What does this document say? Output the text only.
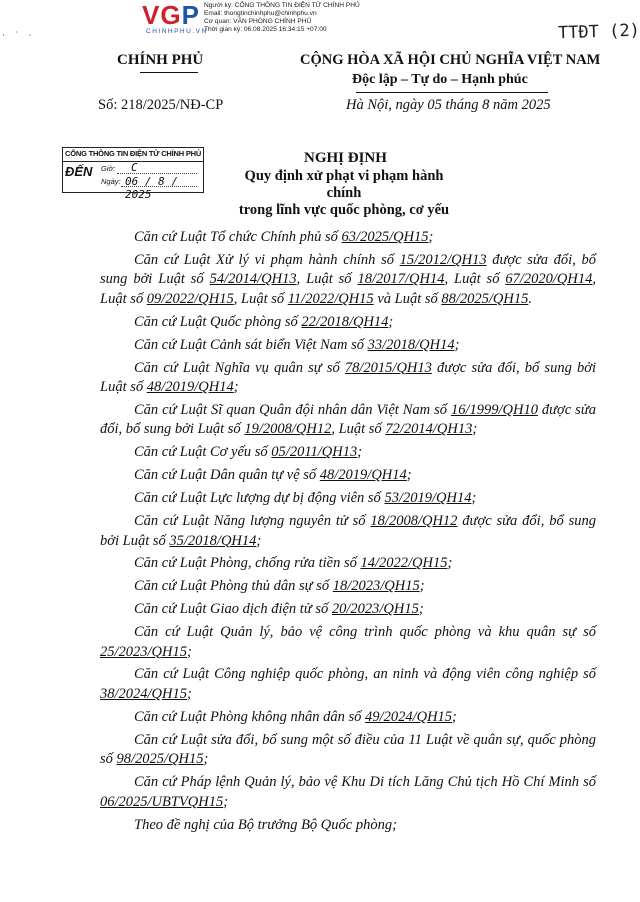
VGP
CHINHPHU.VN
Người ký: CỔNG THÔNG TIN ĐIỆN TỬ CHÍNH PHỦ
Email: thongtinchinhphu@chinhphu.vn
Cơ quan: VĂN PHÒNG CHÍNH PHỦ
Thời gian ký: 06.08.2025 16:34:15 +07:00
· ˙ ·	TTĐT (2)
CHÍNH PHỦ	CỘNG HÒA XÃ HỘI CHỦ NGHĨA VIỆT NAM
Độc lập – Tự do – Hạnh phúc
Số: 218/2025/NĐ-CP	Hà Nội, ngày 05 tháng 8 năm 2025
CỔNG THÔNG TIN ĐIỆN TỬ CHÍNH PHỦ
ĐẾN Giờ: C
Ngày: 06 / 8 / 2025
NGHỊ ĐỊNH
Quy định xử phạt vi phạm hành chính
trong lĩnh vực quốc phòng, cơ yếu

Căn cứ Luật Tổ chức Chính phủ số 63/2025/QH15;

Căn cứ Luật Xử lý vi phạm hành chính số 15/2012/QH13 được sửa đổi, bổ sung bởi Luật số 54/2014/QH13, Luật số 18/2017/QH14, Luật số 67/2020/QH14, Luật số 09/2022/QH15, Luật số 11/2022/QH15 và Luật số 88/2025/QH15.

Căn cứ Luật Quốc phòng số 22/2018/QH14;

Căn cứ Luật Cảnh sát biển Việt Nam số 33/2018/QH14;

Căn cứ Luật Nghĩa vụ quân sự số 78/2015/QH13 được sửa đổi, bổ sung bởi Luật số 48/2019/QH14;

Căn cứ Luật Sĩ quan Quân đội nhân dân Việt Nam số 16/1999/QH10 được sửa đổi, bổ sung bởi Luật số 19/2008/QH12, Luật số 72/2014/QH13;

Căn cứ Luật Cơ yếu số 05/2011/QH13;

Căn cứ Luật Dân quân tự vệ số 48/2019/QH14;

Căn cứ Luật Lực lượng dự bị động viên số 53/2019/QH14;

Căn cứ Luật Năng lượng nguyên tử số 18/2008/QH12 được sửa đổi, bổ sung bởi Luật số 35/2018/QH14;

Căn cứ Luật Phòng, chống rửa tiền số 14/2022/QH15;

Căn cứ Luật Phòng thủ dân sự số 18/2023/QH15;

Căn cứ Luật Giao dịch điện tử số 20/2023/QH15;

Căn cứ Luật Quản lý, bảo vệ công trình quốc phòng và khu quân sự số 25/2023/QH15;

Căn cứ Luật Công nghiệp quốc phòng, an ninh và động viên công nghiệp số 38/2024/QH15;

Căn cứ Luật Phòng không nhân dân số 49/2024/QH15;

Căn cứ Luật sửa đổi, bổ sung một số điều của 11 Luật về quân sự, quốc phòng số 98/2025/QH15;

Căn cứ Pháp lệnh Quản lý, bảo vệ Khu Di tích Lăng Chủ tịch Hồ Chí Minh số 06/2025/UBTVQH15;

Theo đề nghị của Bộ trưởng Bộ Quốc phòng;
